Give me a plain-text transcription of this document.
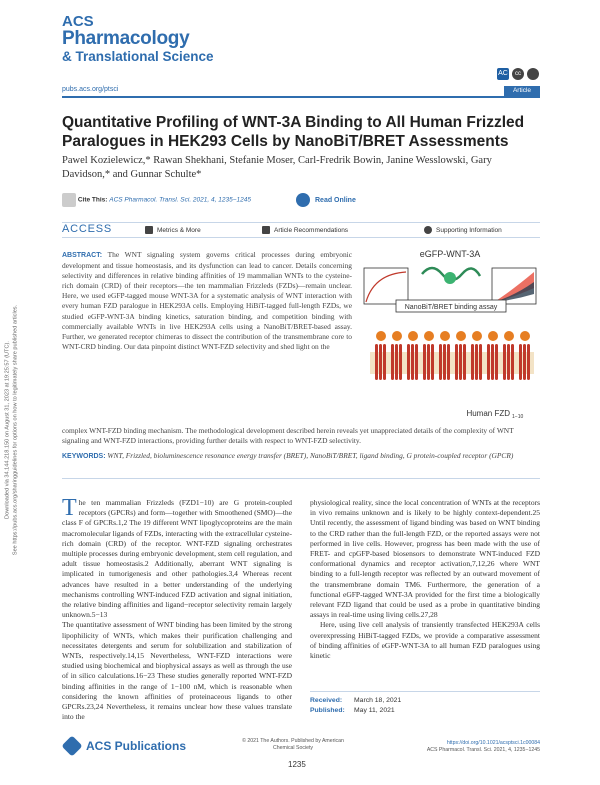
Downloaded via 34.144.218.150 on August 31, 2023 at 19:25:57 (UTC). See https://pubs.acs.org/sharingguidelines for options on how to legitimately share published articles.
ACS
Pharmacology
& Translational Science
AC	cc
pubs.acs.org/ptsci	Article
Quantitative Profiling of WNT-3A Binding to All Human Frizzled Paralogues in HEK293 Cells by NanoBiT/BRET Assessments
Pawel Kozielewicz,* Rawan Shekhani, Stefanie Moser, Carl-Fredrik Bowin, Janine Wesslowski, Gary Davidson,* and Gunnar Schulte*
Cite This: ACS Pharmacol. Transl. Sci. 2021, 4, 1235−1245	Read Online
ACCESS	Metrics & More	Article Recommendations	Supporting Information
ABSTRACT: The WNT signaling system governs critical processes during embryonic development and tissue homeostasis, and its dysfunction can lead to cancer. Details concerning selectivity and differences in relative binding affinities of 19 mammalian WNTs to the cysteine-rich domain (CRD) of their receptors—the ten mammalian Frizzleds (FZDs)—remain unclear. Here, we used eGFP-tagged mouse WNT-3A for a systematic analysis of WNT interaction with every human FZD paralogue in HEK293A cells. Employing HiBiT-tagged full-length FZDs, we studied eGFP-WNT-3A binding kinetics, saturation binding, and competition binding with commercially available WNTs in live HEK293A cells using a NanoBiT/BRET-based assay. Further, we generated receptor chimeras to dissect the contribution of the transmembrane core to WNT-CRD binding. Our data pinpoint distinct WNT-FZD selectivity and shed light on the
complex WNT-FZD binding mechanism. The methodological development described herein reveals yet unappreciated details of the complexity of WNT signaling and WNT-FZD interactions, providing further details with respect to WNT-FZD selectivity.
eGFP-WNT-3A
NanoBiT/BRET binding assay
Human FZD 1−10
KEYWORDS: WNT, Frizzled, bioluminescence resonance energy transfer (BRET), NanoBiT/BRET, ligand binding, G protein-coupled receptor (GPCR)
T he ten mammalian Frizzleds (FZD1−10) are G protein-coupled receptors (GPCRs) and form—together with Smoothened (SMO)—the class F of GPCRs.1,2 The 19 different WNT lipoglycoproteins are the main macromolecular ligands of FZDs, interacting with the extracellular cysteine-rich domain (CRD) of the receptor. WNT-FZD signaling orchestrates multiple processes during embryonic development, stem cell regulation, and adult tissue homeostasis.2 Additionally, aberrant WNT signaling is implicated in tumorigenesis and other pathologies.3,4 Whereas recent advances have resulted in a better understanding of the underlying mechanisms controlling WNT-induced FZD activation and signal initiation, the relative binding affinities and ligand−receptor selectivity remain largely unknown.5−13

The quantitative assessment of WNT binding has been limited by the strong lipophilicity of WNTs, which makes their purification challenging and necessitates detergents and serum for solubilization and stabilization of WNTs, respectively.14,15 Nevertheless, WNT-FZD interactions were studied using biochemical and biophysical assays as well as through the use of in silico calculations.16−23 These studies generally reported WNT-FZD binding affinities in the range of 1−100 nM, which is reasonable when considering the known affinities of proteinaceous ligands to other GPCRs.23,24 Nevertheless, it remains unclear how these values translate into the

physiological reality, since the local concentration of WNTs at the receptors in vivo remains unknown and is likely to be highly context-dependent.25 Until recently, the assessment of ligand binding was based on WNT binding to the CRD rather than the full-length FZD, or the reported assays were not performed in live cells. However, progress has been made with the use of FRET- and cpGFP-based biosensors to demonstrate WNT-induced FZD conformational dynamics and receptor activation,7,12,26 where WNT binding to a full-length receptor was reflected by an outward movement of the transmembrane domain TM6. Furthermore, the generation of a functional eGFP-tagged WNT-3A provided for the first time a biologically relevant FZD ligand that could be used as a probe in quantitative binding assays in real-time using living cells.27,28

Here, using live cell analysis of transiently transfected HEK293A cells overexpressing HiBiT-tagged FZDs, we provide a comparative assessment of binding affinities of eGFP-WNT-3A to all human FZD paralogues using kinetic

Received: March 18, 2021
Published: May 11, 2021
ACS Publications	© 2021 The Authors. Published by American Chemical Society
1235
https://doi.org/10.1021/acsptsci.1c00084
ACS Pharmacol. Transl. Sci. 2021, 4, 1235−1245
